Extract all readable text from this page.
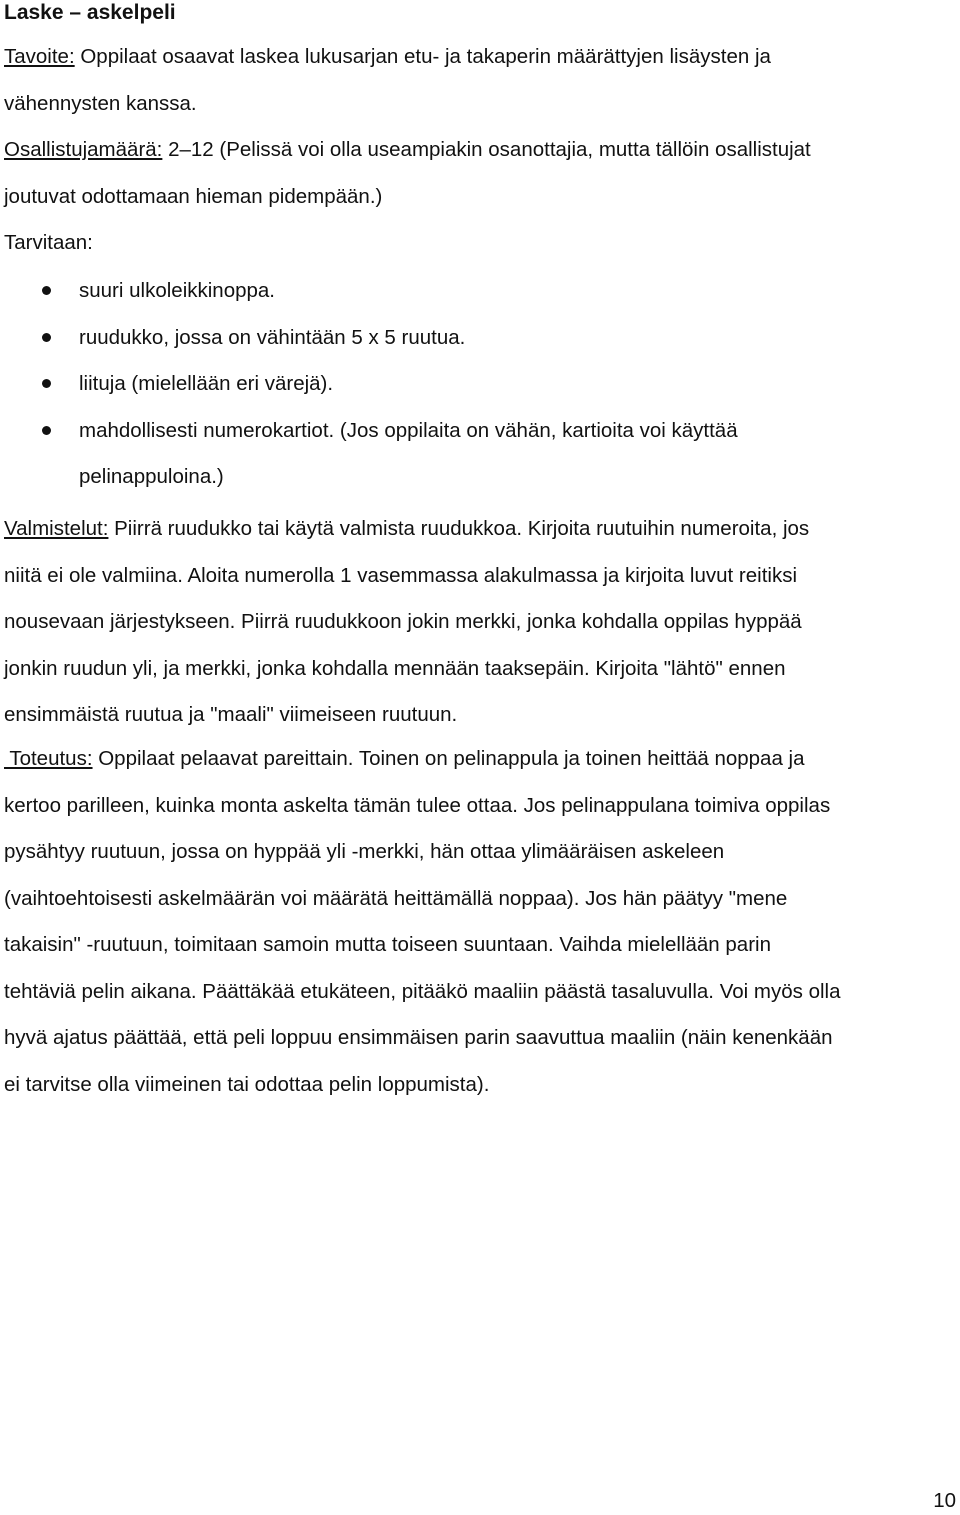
Laske – askelpeli
Tavoite: Oppilaat osaavat laskea lukusarjan etu- ja takaperin määrättyjen lisäysten ja
vähennysten kanssa.
Osallistujamäärä: 2–12 (Pelissä voi olla useampiakin osanottajia, mutta tällöin osallistujat
joutuvat odottamaan hieman pidempään.)
Tarvitaan:
suuri ulkoleikkinoppa.
ruudukko, jossa on vähintään 5 x 5 ruutua.
liituja (mielellään eri värejä).
mahdollisesti numerokartiot. (Jos oppilaita on vähän, kartioita voi käyttää
pelinappuloina.)
Valmistelut: Piirrä ruudukko tai käytä valmista ruudukkoa. Kirjoita ruutuihin numeroita, jos
niitä ei ole valmiina. Aloita numerolla 1 vasemmassa alakulmassa ja kirjoita luvut reitiksi
nousevaan järjestykseen. Piirrä ruudukkoon jokin merkki, jonka kohdalla oppilas hyppää
jonkin ruudun yli, ja merkki, jonka kohdalla mennään taaksepäin. Kirjoita "lähtö" ennen
ensimmäistä ruutua ja "maali" viimeiseen ruutuun.
Toteutus: Oppilaat pelaavat pareittain. Toinen on pelinappula ja toinen heittää noppaa ja
kertoo parilleen, kuinka monta askelta tämän tulee ottaa. Jos pelinappulana toimiva oppilas
pysähtyy ruutuun, jossa on hyppää yli -merkki, hän ottaa ylimääräisen askeleen
(vaihtoehtoisesti askelmäärän voi määrätä heittämällä noppaa). Jos hän päätyy "mene
takaisin" -ruutuun, toimitaan samoin mutta toiseen suuntaan. Vaihda mielellään parin
tehtäviä pelin aikana. Päättäkää etukäteen, pitääkö maaliin päästä tasaluvulla. Voi myös olla
hyvä ajatus päättää, että peli loppuu ensimmäisen parin saavuttua maaliin (näin kenenkään
ei tarvitse olla viimeinen tai odottaa pelin loppumista).
10
